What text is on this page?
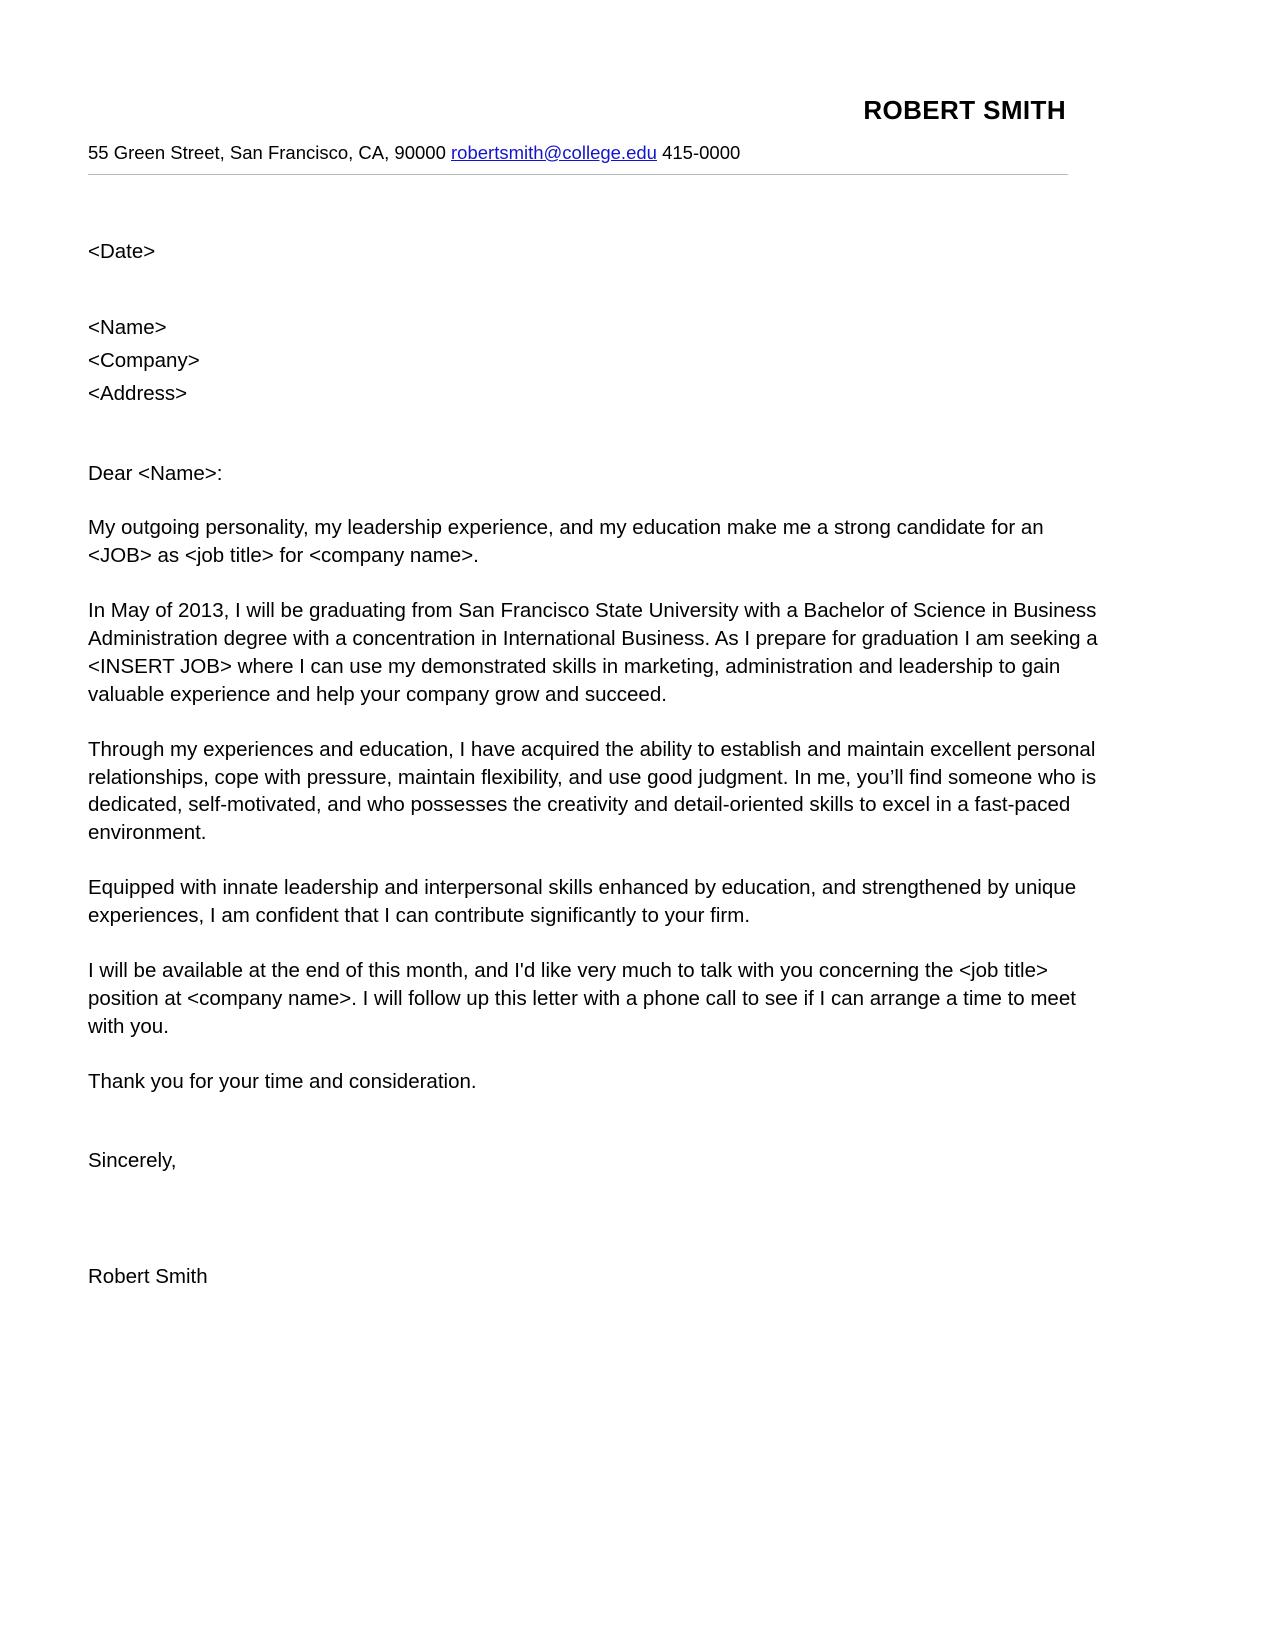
ROBERT SMITH

55 Green Street, San Francisco, CA, 90000 robertsmith@college.edu 415-0000

<Date>
<Name>
<Company>
<Address>
Dear <Name>:

My outgoing personality, my leadership experience, and my education make me a strong candidate for an <JOB> as <job title> for <company name>.

In May of 2013, I will be graduating from San Francisco State University with a Bachelor of Science in Business Administration degree with a concentration in International Business. As I prepare for graduation I am seeking a <INSERT JOB> where I can use my demonstrated skills in marketing, administration and leadership to gain valuable experience and help your company grow and succeed.

Through my experiences and education, I have acquired the ability to establish and maintain excellent personal relationships, cope with pressure, maintain flexibility, and use good judgment. In me, you’ll find someone who is dedicated, self-motivated, and who possesses the creativity and detail-oriented skills to excel in a fast-paced environment.

Equipped with innate leadership and interpersonal skills enhanced by education, and strengthened by unique experiences, I am confident that I can contribute significantly to your firm.

I will be available at the end of this month, and I'd like very much to talk with you concerning the <job title> position at <company name>. I will follow up this letter with a phone call to see if I can arrange a time to meet with you.

Thank you for your time and consideration.

Sincerely,
Robert Smith
